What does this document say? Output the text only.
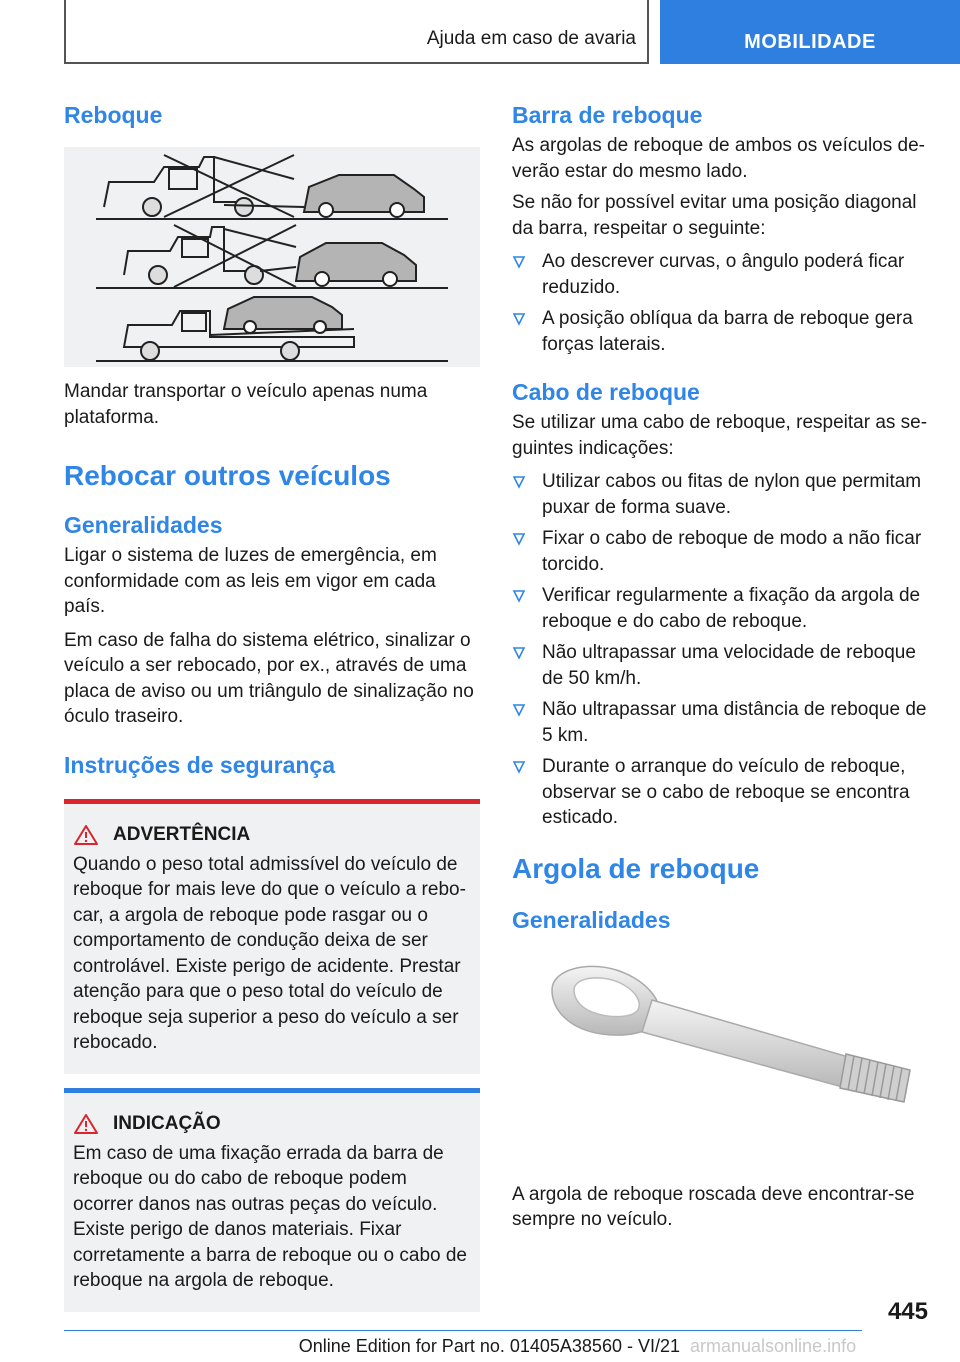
Ajuda em caso de avaria	MOBILIDADE
Reboque

Mandar transportar o veículo apenas numa plataforma.

Rebocar outros veículos
Generalidades

Ligar o sistema de luzes de emergência, em conformidade com as leis em vigor em cada país.

Em caso de falha do sistema elétrico, sinalizar o veículo a ser rebocado, por ex., através de uma placa de aviso ou um triângulo de sinalização no óculo traseiro.

Instruções de segurança
ADVERTÊNCIA

Quando o peso total admissível do veículo de reboque for mais leve do que o veículo a rebocar, a argola de reboque pode rasgar ou o comportamento de condução deixa de ser controlável. Existe perigo de acidente. Prestar atenção para que o peso total do veículo de reboque seja superior a peso do veículo a ser rebocado.

INDICAÇÃO

Em caso de uma fixação errada da barra de reboque ou do cabo de reboque podem ocorrer danos nas outras peças do veículo. Existe perigo de danos materiais. Fixar corretamente a barra de reboque ou o cabo de reboque na argola de reboque.

Barra de reboque

As argolas de reboque de ambos os veículos deverão estar do mesmo lado.

Se não for possível evitar uma posição diagonal da barra, respeitar o seguinte:

Ao descrever curvas, o ângulo poderá ficar reduzido.
A posição oblíqua da barra de reboque gera forças laterais.
Cabo de reboque

Se utilizar uma cabo de reboque, respeitar as seguintes indicações:

Utilizar cabos ou fitas de nylon que permitam puxar de forma suave.
Fixar o cabo de reboque de modo a não ficar torcido.
Verificar regularmente a fixação da argola de reboque e do cabo de reboque.
Não ultrapassar uma velocidade de reboque de 50 km/h.
Não ultrapassar uma distância de reboque de 5 km.
Durante o arranque do veículo de reboque, observar se o cabo de reboque se encontra esticado.
Argola de reboque
Generalidades

A argola de reboque roscada deve encontrar-se sempre no veículo.

445
Online Edition for Part no. 01405A38560 - VI/21 armanualsonline.info
